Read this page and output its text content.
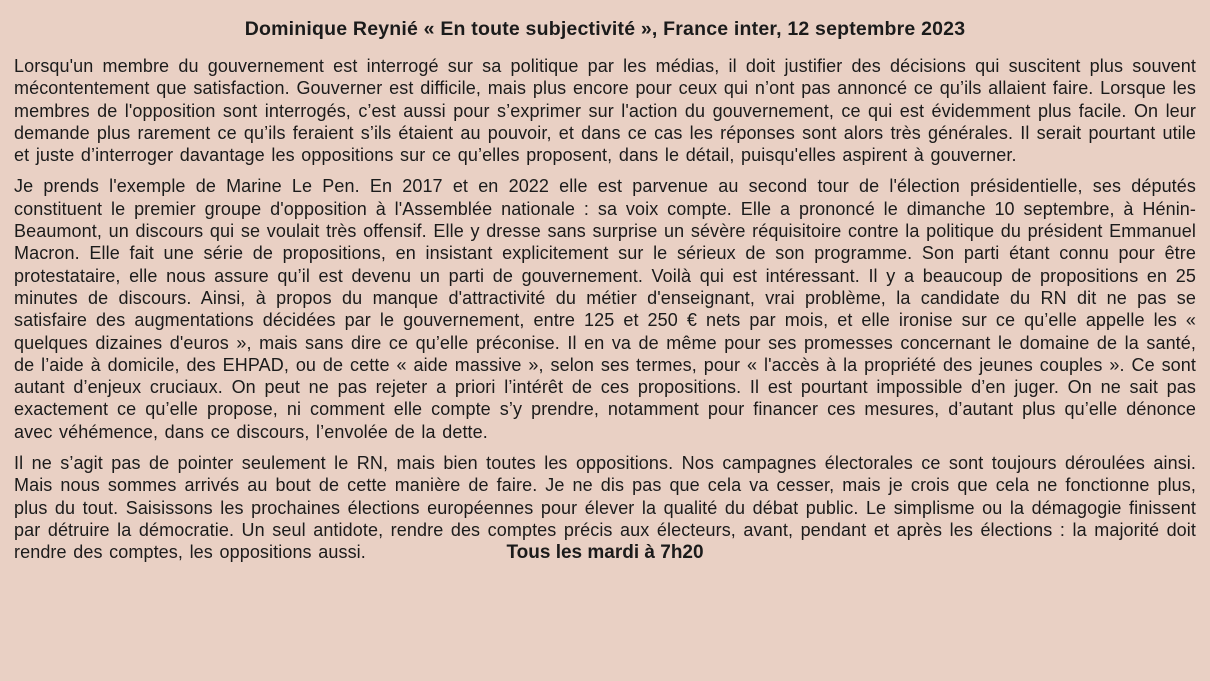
Dominique Reynié « En toute subjectivité », France inter, 12 septembre 2023

Lorsqu'un membre du gouvernement est interrogé sur sa politique par les médias, il doit justifier des décisions qui suscitent plus souvent mécontentement que satisfaction. Gouverner est difficile, mais plus encore pour ceux qui n’ont pas annoncé ce qu’ils allaient faire. Lorsque les membres de l'opposition sont interrogés, c’est aussi pour s’exprimer sur l'action du gouvernement, ce qui est évidemment plus facile. On leur demande plus rarement ce qu’ils feraient s’ils étaient au pouvoir, et dans ce cas les réponses sont alors très générales. Il serait pourtant utile et juste d’interroger davantage les oppositions sur ce qu’elles proposent, dans le détail, puisqu'elles aspirent à gouverner.

Je prends l'exemple de Marine Le Pen. En 2017 et en 2022 elle est parvenue au second tour de l'élection présidentielle, ses députés constituent le premier groupe d'opposition à l'Assemblée nationale : sa voix compte. Elle a prononcé le dimanche 10 septembre, à Hénin-Beaumont, un discours qui se voulait très offensif. Elle y dresse sans surprise un sévère réquisitoire contre la politique du président Emmanuel Macron. Elle fait une série de propositions, en insistant explicitement sur le sérieux de son programme. Son parti étant connu pour être protestataire, elle nous assure qu’il est devenu un parti de gouvernement. Voilà qui est intéressant. Il y a beaucoup de propositions en 25 minutes de discours. Ainsi, à propos du manque d'attractivité du métier d'enseignant, vrai problème, la candidate du RN dit ne pas se satisfaire des augmentations décidées par le gouvernement, entre 125 et 250 € nets par mois, et elle ironise sur ce qu’elle appelle les « quelques dizaines d'euros », mais sans dire ce qu’elle préconise. Il en va de même pour ses promesses concernant le domaine de la santé, de l’aide à domicile, des EHPAD, ou de cette « aide massive », selon ses termes, pour « l'accès à la propriété des jeunes couples ». Ce sont autant d’enjeux cruciaux. On peut ne pas rejeter a priori l’intérêt de ces propositions. Il est pourtant impossible d’en juger. On ne sait pas exactement ce qu’elle propose, ni comment elle compte s’y prendre, notamment pour financer ces mesures, d’autant plus qu’elle dénonce avec véhémence, dans ce discours, l’envolée de la dette.

Il ne s’agit pas de pointer seulement le RN, mais bien toutes les oppositions. Nos campagnes électorales ce sont toujours déroulées ainsi. Mais nous sommes arrivés au bout de cette manière de faire. Je ne dis pas que cela va cesser, mais je crois que cela ne fonctionne plus, plus du tout. Saisissons les prochaines élections européennes pour élever la qualité du débat public. Le simplisme ou la démagogie finissent par détruire la démocratie. Un seul antidote, rendre des comptes précis aux électeurs, avant, pendant et après les élections : la majorité doit rendre des comptes, les oppositions aussi.	Tous les mardi à 7h20
